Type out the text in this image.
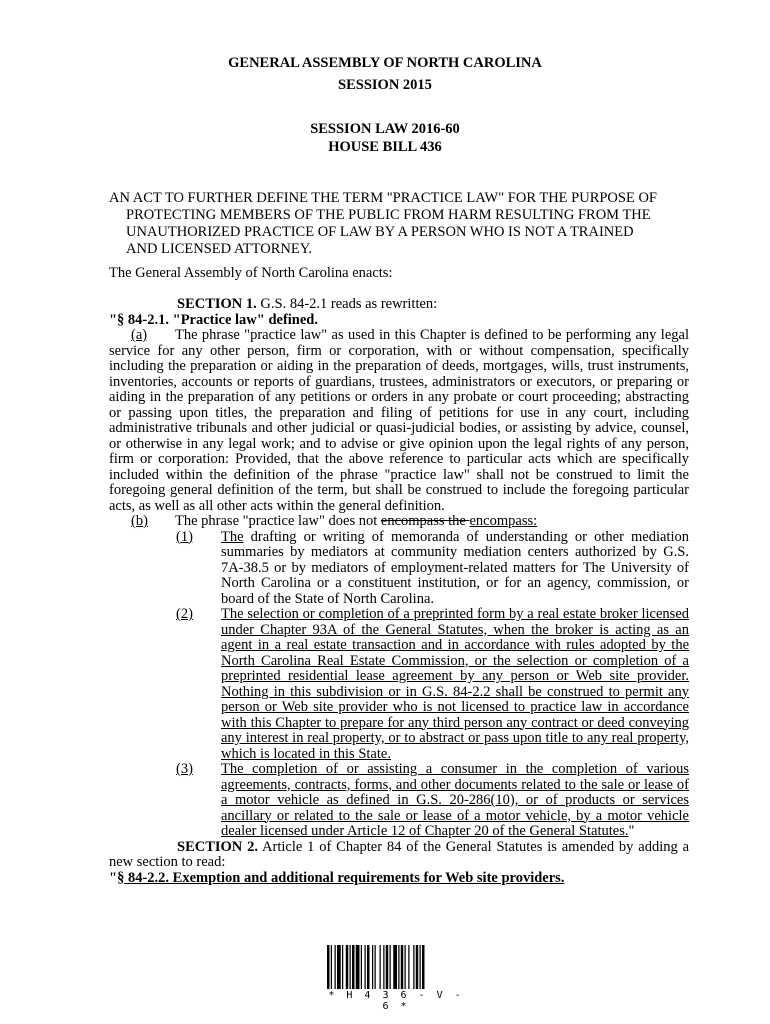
GENERAL ASSEMBLY OF NORTH CAROLINA
SESSION 2015
SESSION LAW 2016-60
HOUSE BILL 436
AN ACT TO FURTHER DEFINE THE TERM "PRACTICE LAW" FOR THE PURPOSE OF
PROTECTING MEMBERS OF THE PUBLIC FROM HARM RESULTING FROM THE
UNAUTHORIZED PRACTICE OF LAW BY A PERSON WHO IS NOT A TRAINED
AND LICENSED ATTORNEY.
The General Assembly of North Carolina enacts:
SECTION 1. G.S. 84-2.1 reads as rewritten:
"§ 84-2.1. "Practice law" defined.
(a)	The phrase "practice law" as used in this Chapter is defined to be performing any legal service for any other person, firm or corporation, with or without compensation, specifically including the preparation or aiding in the preparation of deeds, mortgages, wills, trust instruments, inventories, accounts or reports of guardians, trustees, administrators or executors, or preparing or aiding in the preparation of any petitions or orders in any probate or court proceeding; abstracting or passing upon titles, the preparation and filing of petitions for use in any court, including administrative tribunals and other judicial or quasi-judicial bodies, or assisting by advice, counsel, or otherwise in any legal work; and to advise or give opinion upon the legal rights of any person, firm or corporation: Provided, that the above reference to particular acts which are specifically included within the definition of the phrase "practice law" shall not be construed to limit the foregoing general definition of the term, but shall be construed to include the foregoing particular acts, as well as all other acts within the general definition.
(b)	The phrase "practice law" does not encompass the encompass:
(1)	The drafting or writing of memoranda of understanding or other mediation summaries by mediators at community mediation centers authorized by G.S. 7A-38.5 or by mediators of employment-related matters for The University of North Carolina or a constituent institution, or for an agency, commission, or board of the State of North Carolina.
(2)	The selection or completion of a preprinted form by a real estate broker licensed under Chapter 93A of the General Statutes, when the broker is acting as an agent in a real estate transaction and in accordance with rules adopted by the North Carolina Real Estate Commission, or the selection or completion of a preprinted residential lease agreement by any person or Web site provider. Nothing in this subdivision or in G.S. 84-2.2 shall be construed to permit any person or Web site provider who is not licensed to practice law in accordance with this Chapter to prepare for any third person any contract or deed conveying any interest in real property, or to abstract or pass upon title to any real property, which is located in this State.
(3)	The completion of or assisting a consumer in the completion of various agreements, contracts, forms, and other documents related to the sale or lease of a motor vehicle as defined in G.S. 20-286(10), or of products or services ancillary or related to the sale or lease of a motor vehicle, by a motor vehicle dealer licensed under Article 12 of Chapter 20 of the General Statutes."
SECTION 2. Article 1 of Chapter 84 of the General Statutes is amended by adding a new section to read:
"§ 84-2.2. Exemption and additional requirements for Web site providers.
* H 4 3 6 - V - 6 *
